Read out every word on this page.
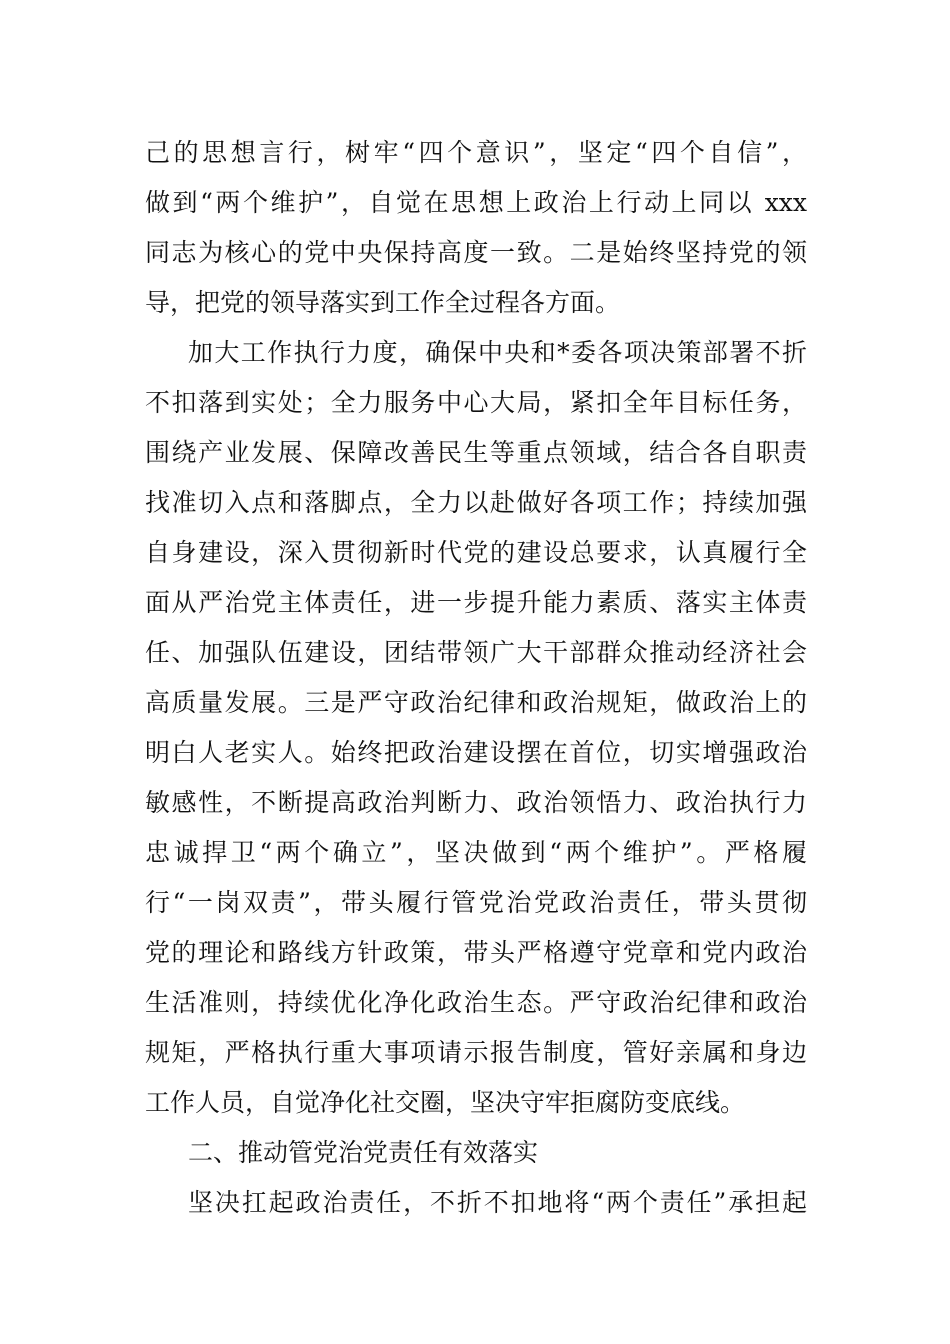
己的思想言行，树牢“四个意识”，坚定“四个自信”，
做到“两个维护”，自觉在思想上政治上行动上同以 xxx
同志为核心的党中央保持高度一致。二是始终坚持党的领
导，把党的领导落实到工作全过程各方面。
加大工作执行力度，确保中央和*委各项决策部署不折
不扣落到实处；全力服务中心大局，紧扣全年目标任务，
围绕产业发展、保障改善民生等重点领域，结合各自职责
找准切入点和落脚点，全力以赴做好各项工作；持续加强
自身建设，深入贯彻新时代党的建设总要求，认真履行全
面从严治党主体责任，进一步提升能力素质、落实主体责
任、加强队伍建设，团结带领广大干部群众推动经济社会
高质量发展。三是严守政治纪律和政治规矩，做政治上的
明白人老实人。始终把政治建设摆在首位，切实增强政治
敏感性，不断提高政治判断力、政治领悟力、政治执行力
忠诚捍卫“两个确立”，坚决做到“两个维护”。严格履
行“一岗双责”，带头履行管党治党政治责任，带头贯彻
党的理论和路线方针政策，带头严格遵守党章和党内政治
生活准则，持续优化净化政治生态。严守政治纪律和政治
规矩，严格执行重大事项请示报告制度，管好亲属和身边
工作人员，自觉净化社交圈，坚决守牢拒腐防变底线。
二、推动管党治党责任有效落实
坚决扛起政治责任，不折不扣地将“两个责任”承担起
